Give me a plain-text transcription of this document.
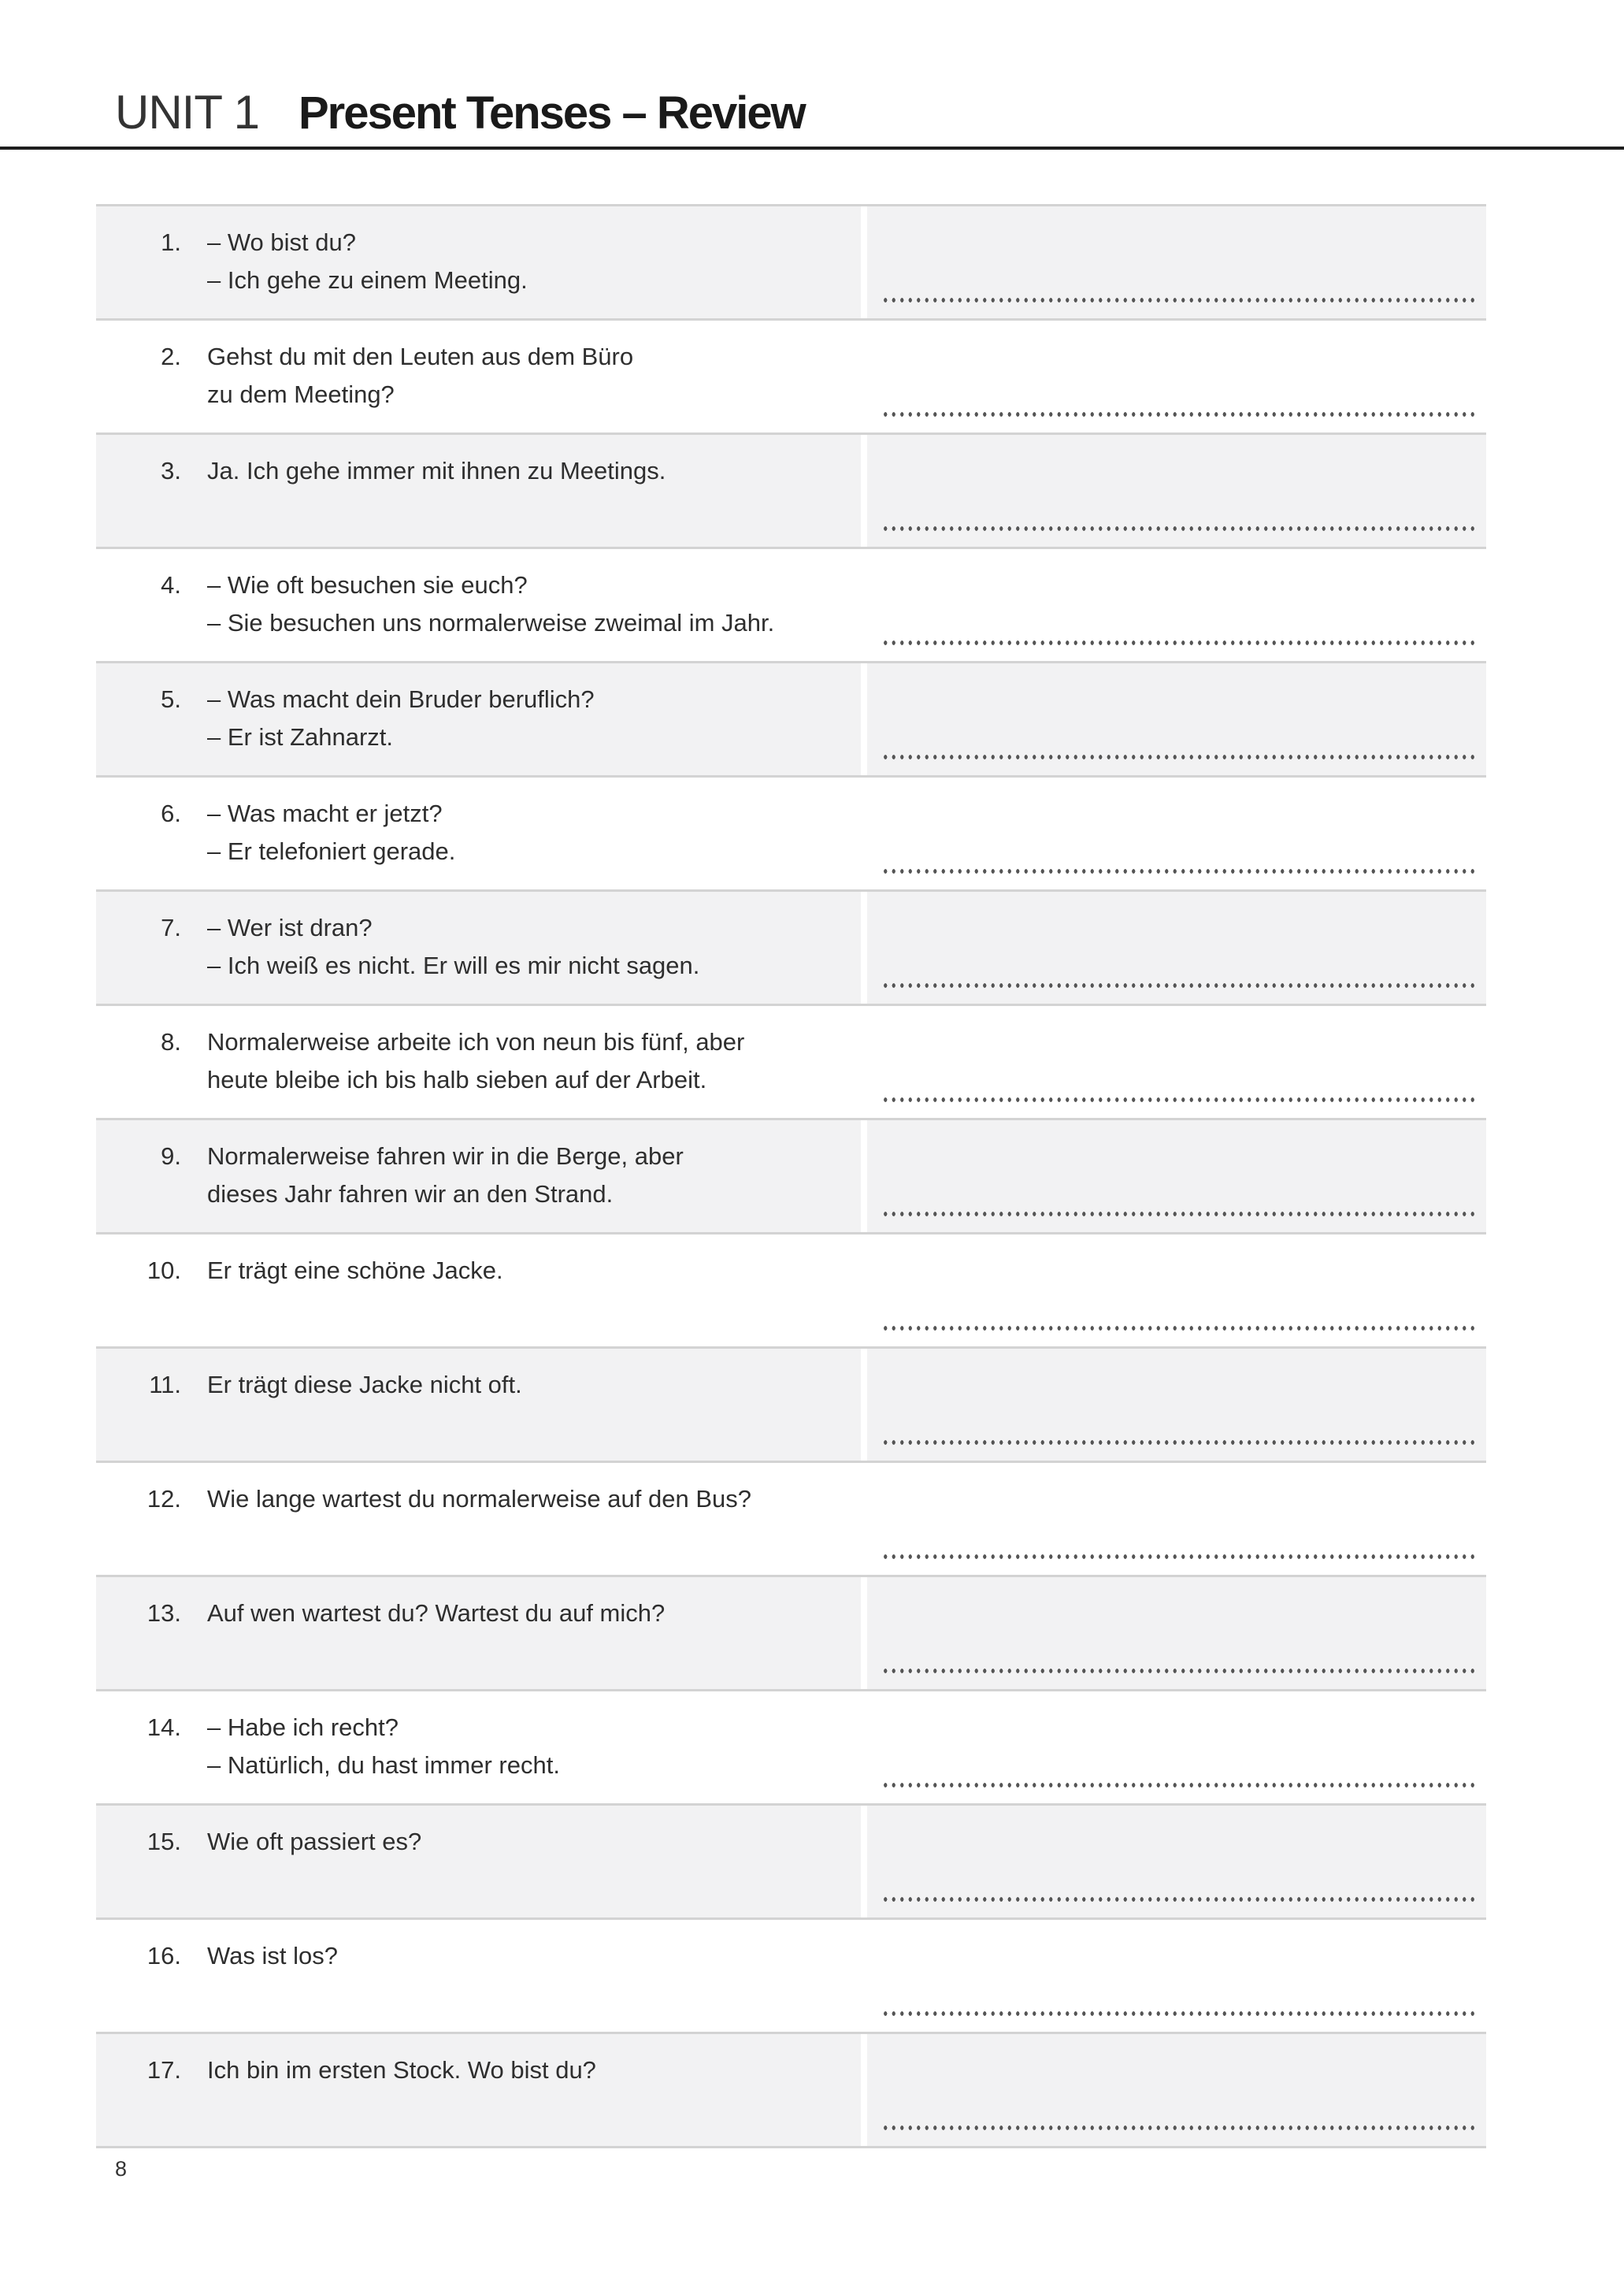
UNIT 1 Present Tenses – Review
1. – Wo bist du?
– Ich gehe zu einem Meeting.
2. Gehst du mit den Leuten aus dem Büro
zu dem Meeting?
3. Ja. Ich gehe immer mit ihnen zu Meetings.
4. – Wie oft besuchen sie euch?
– Sie besuchen uns normalerweise zweimal im Jahr.
5. – Was macht dein Bruder beruflich?
– Er ist Zahnarzt.
6. – Was macht er jetzt?
– Er telefoniert gerade.
7. – Wer ist dran?
– Ich weiß es nicht. Er will es mir nicht sagen.
8. Normalerweise arbeite ich von neun bis fünf, aber
heute bleibe ich bis halb sieben auf der Arbeit.
9. Normalerweise fahren wir in die Berge, aber
dieses Jahr fahren wir an den Strand.
10. Er trägt eine schöne Jacke.
11. Er trägt diese Jacke nicht oft.
12. Wie lange wartest du normalerweise auf den Bus?
13. Auf wen wartest du? Wartest du auf mich?
14. – Habe ich recht?
– Natürlich, du hast immer recht.
15. Wie oft passiert es?
16. Was ist los?
17. Ich bin im ersten Stock. Wo bist du?
8
